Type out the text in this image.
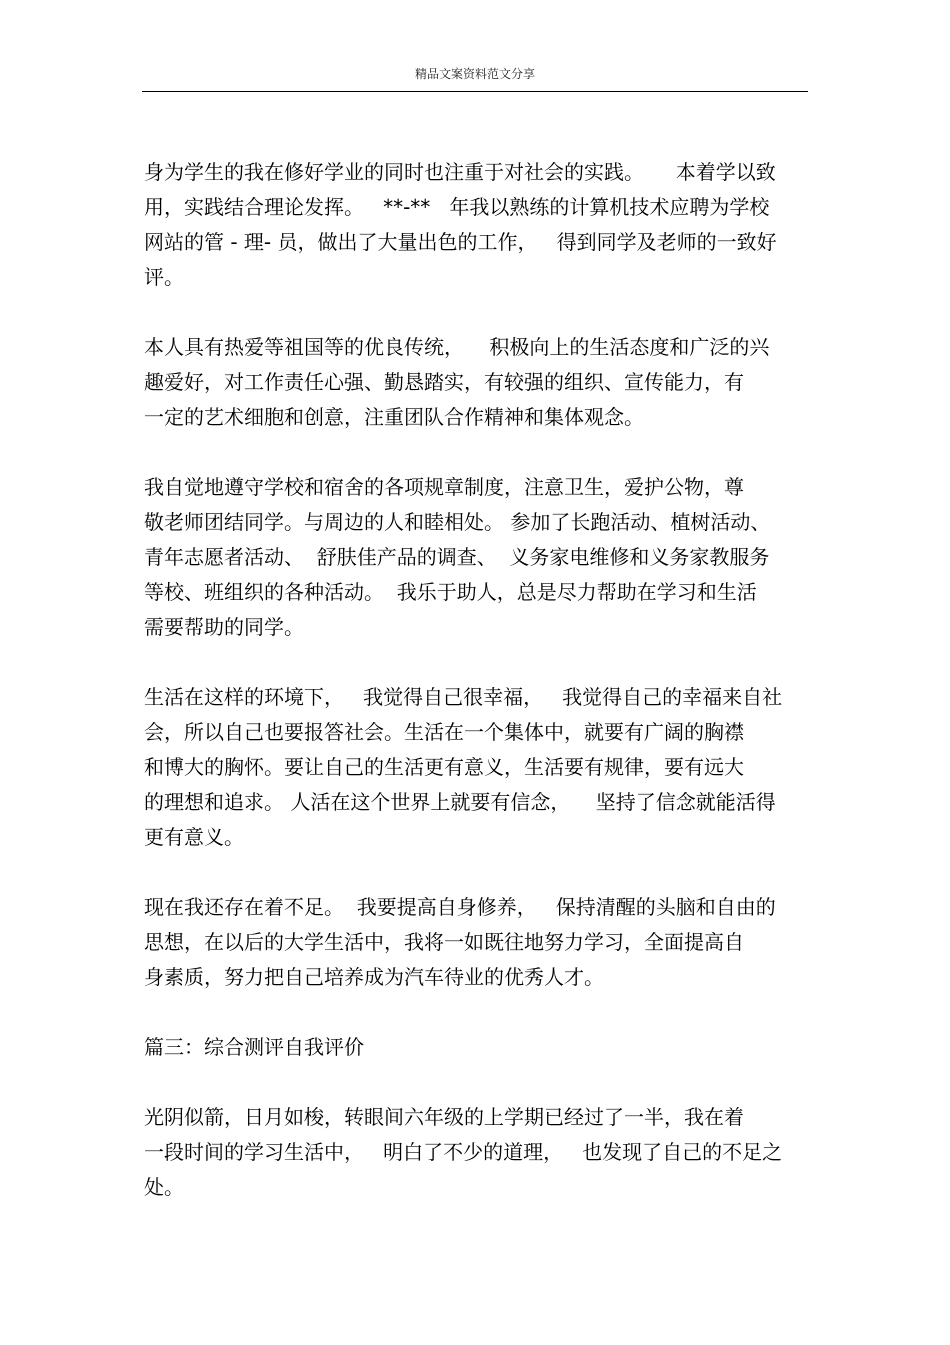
精品文案资料范文分享
身为学生的我在修好学业的同时也注重于对社会的实践。     本着学以致
用，实践结合理论发挥。   **-**   年我以熟练的计算机技术应聘为学校
网站的管 - 理- 员，做出了大量出色的工作，   得到同学及老师的一致好
评。
本人具有热爱等祖国等的优良传统，    积极向上的生活态度和广泛的兴
趣爱好，对工作责任心强、勤恳踏实，有较强的组织、宣传能力，有
一定的艺术细胞和创意，注重团队合作精神和集体观念。
我自觉地遵守学校和宿舍的各项规章制度，注意卫生，爱护公物，尊
敬老师团结同学。与周边的人和睦相处。 参加了长跑活动、植树活动、
青年志愿者活动、  舒肤佳产品的调查、  义务家电维修和义务家教服务
等校、班组织的各种活动。  我乐于助人，总是尽力帮助在学习和生活
需要帮助的同学。
生活在这样的环境下，   我觉得自己很幸福，   我觉得自己的幸福来自社
会，所以自己也要报答社会。生活在一个集体中，就要有广阔的胸襟
和博大的胸怀。要让自己的生活更有意义，生活要有规律，要有远大
的理想和追求。 人活在这个世界上就要有信念，    坚持了信念就能活得
更有意义。
现在我还存在着不足。  我要提高自身修养，   保持清醒的头脑和自由的
思想，在以后的大学生活中，我将一如既往地努力学习，全面提高自
身素质，努力把自己培养成为汽车待业的优秀人才。
篇三：综合测评自我评价
光阴似箭，日月如梭，转眼间六年级的上学期已经过了一半，我在着
一段时间的学习生活中，   明白了不少的道理，   也发现了自己的不足之
处。
